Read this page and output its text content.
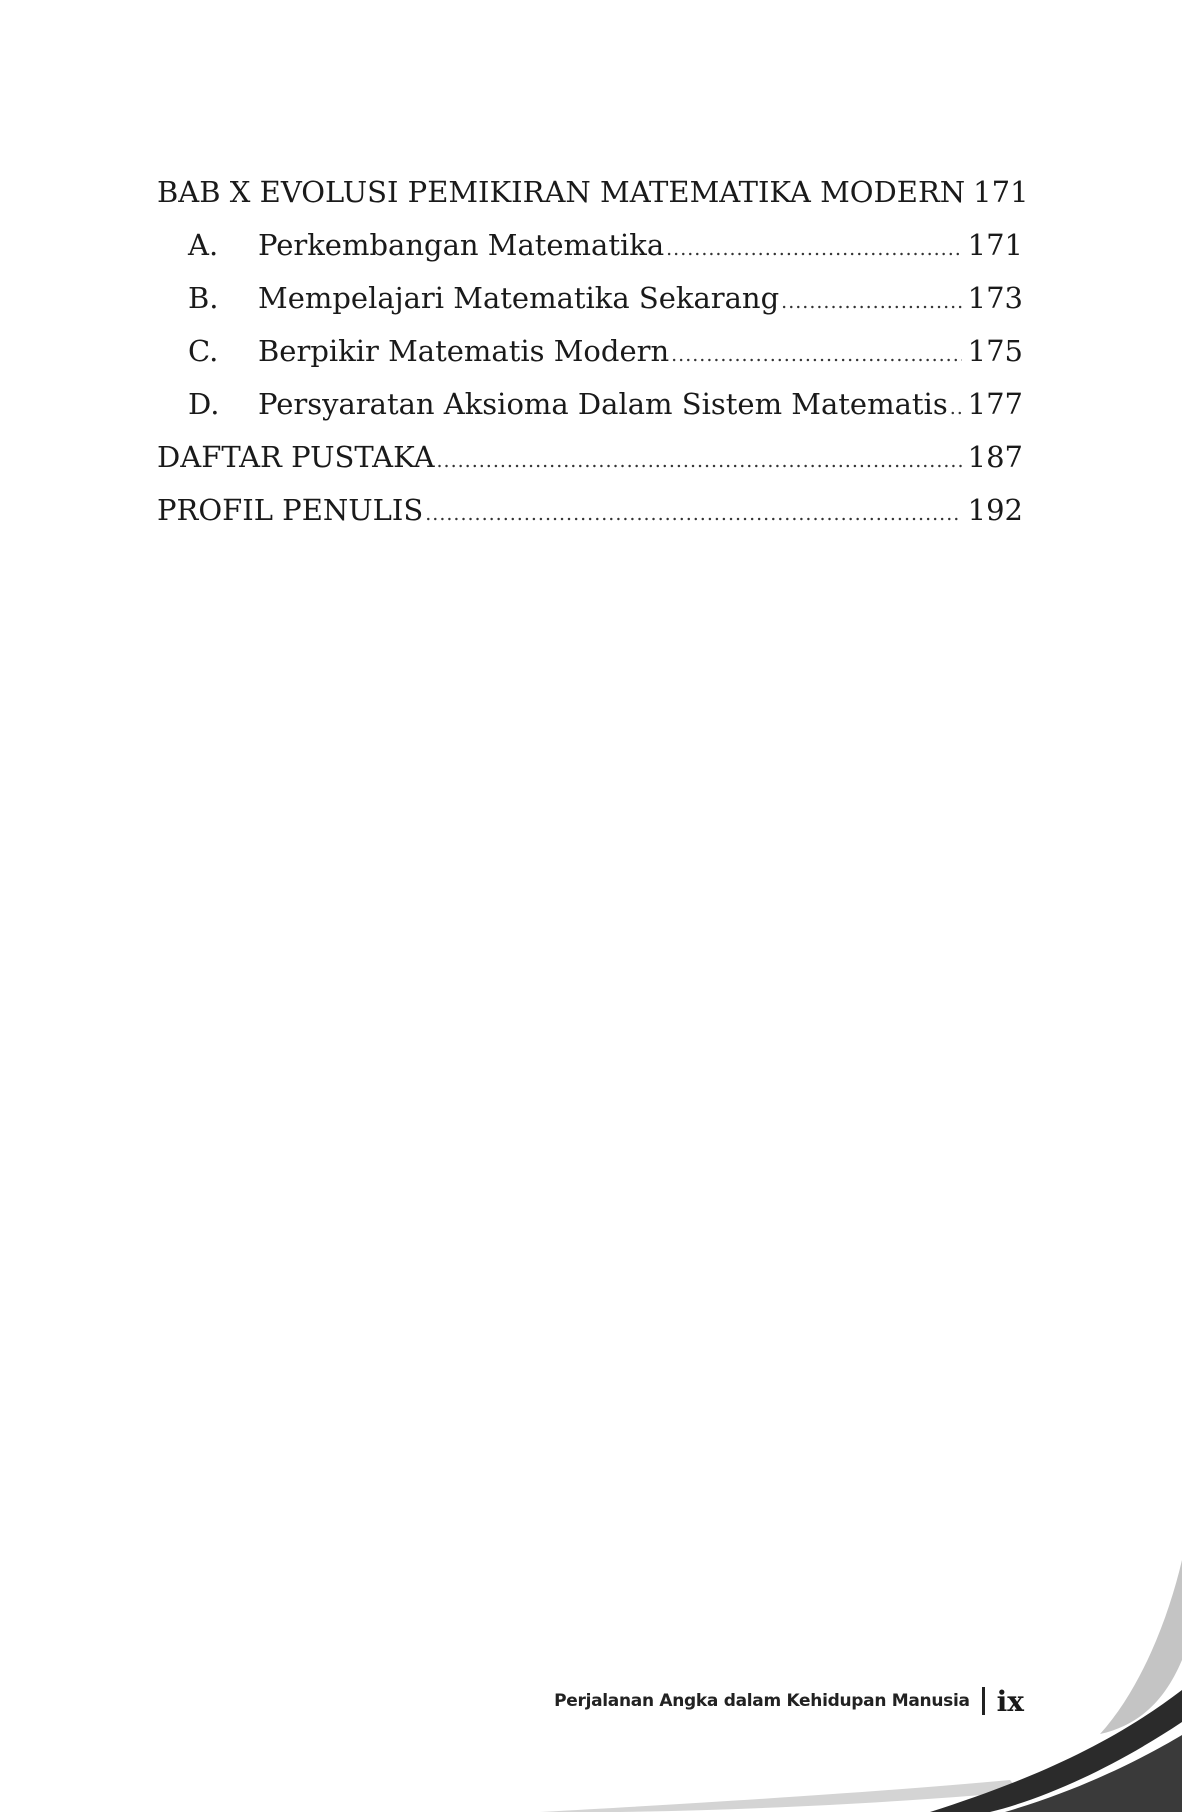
BAB X EVOLUSI PEMIKIRAN MATEMATIKA MODERN 171
A.	Perkembangan Matematika .....	171
B.	Mempelajari Matematika Sekarang .....	173
C.	Berpikir Matematis Modern .....	175
D.	Persyaratan Aksioma Dalam Sistem Matematis ..... 177
DAFTAR PUSTAKA .....	187
PROFIL PENULIS .....	192
Perjalanan Angka dalam Kehidupan Manusia ix
